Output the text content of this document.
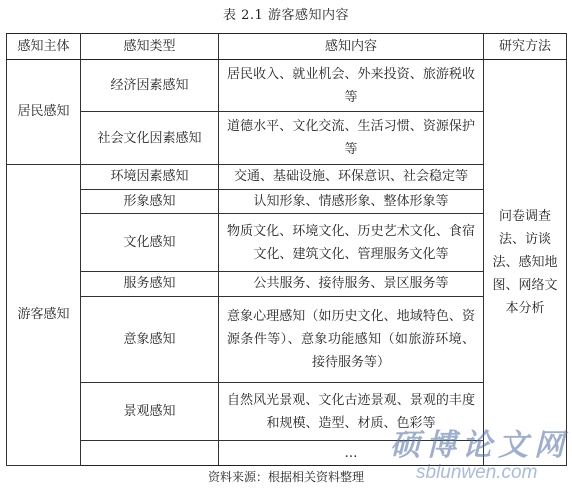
表 2.1 游客感知内容
感知主体	感知类型	感知内容	研究方法
居民感知	经济因素感知	居民收入、就业机会、外来投资、旅游税收等	问卷调查法、访谈法、感知地图、网络文本分析
	社会文化因素感知	道德水平、文化交流、生活习惯、资源保护等	
游客感知	环境因素感知	交通、基础设施、环保意识、社会稳定等	
	形象感知	认知形象、情感形象、整体形象等	
	文化感知	物质文化、环境文化、历史艺术文化、食宿文化、建筑文化、管理服务文化等	
	服务感知	公共服务、接待服务、景区服务等	
	意象感知	意象心理感知（如历史文化、地域特色、资源条件等）、意象功能感知（如旅游环境、接待服务等）	
	景观感知	自然风光景观、文化古迹景观、景观的丰度和规模、造型、材质、色彩等	
		…	
资料来源：根据相关资料整理
硕博论文网
sblunwen.com
